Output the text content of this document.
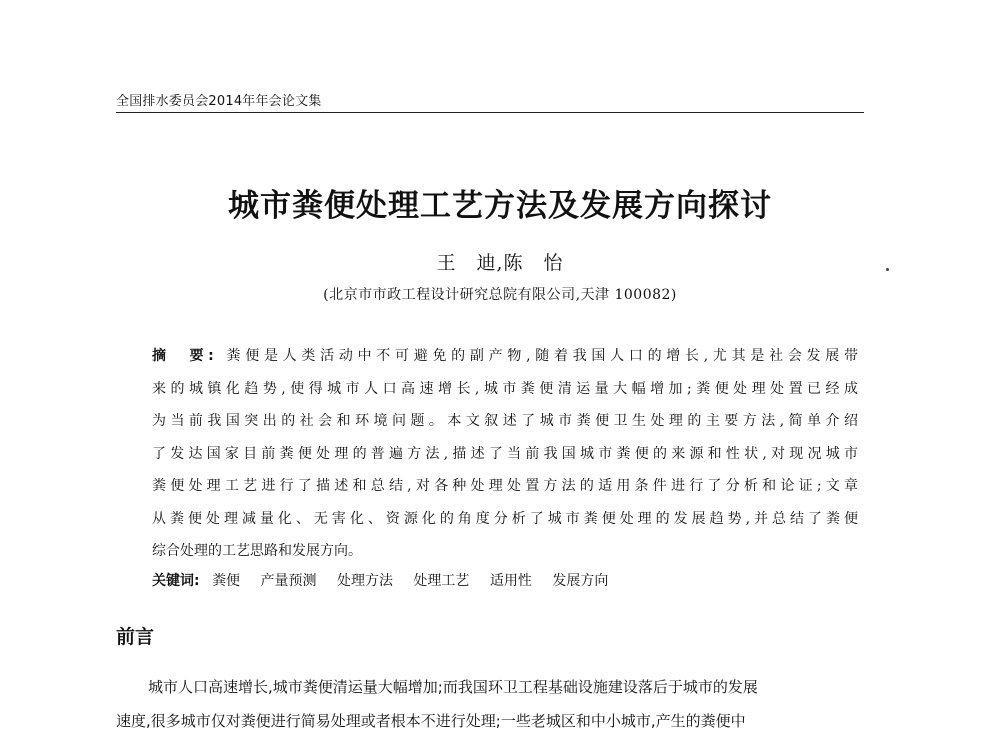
全国排水委员会2014年年会论文集
城市粪便处理工艺方法及发展方向探讨
王　迪,陈　怡
(北京市市政工程设计研究总院有限公司,天津 100082)
摘　要: 粪便是人类活动中不可避免的副产物,随着我国人口的增长,尤其是社会发展带
来的城镇化趋势,使得城市人口高速增长,城市粪便清运量大幅增加;粪便处理处置已经成
为当前我国突出的社会和环境问题。本文叙述了城市粪便卫生处理的主要方法,简单介绍
了发达国家目前粪便处理的普遍方法,描述了当前我国城市粪便的来源和性状,对现况城市
粪便处理工艺进行了描述和总结,对各种处理处置方法的适用条件进行了分析和论证;文章
从粪便处理减量化、无害化、资源化的角度分析了城市粪便处理的发展趋势,并总结了粪便
综合处理的工艺思路和发展方向。
关键词: 粪便 产量预测 处理方法 处理工艺 适用性 发展方向
前言
城市人口高速增长,城市粪便清运量大幅增加;而我国环卫工程基础设施建设落后于城市的发展
速度,很多城市仅对粪便进行简易处理或者根本不进行处理;一些老城区和中小城市,产生的粪便中
